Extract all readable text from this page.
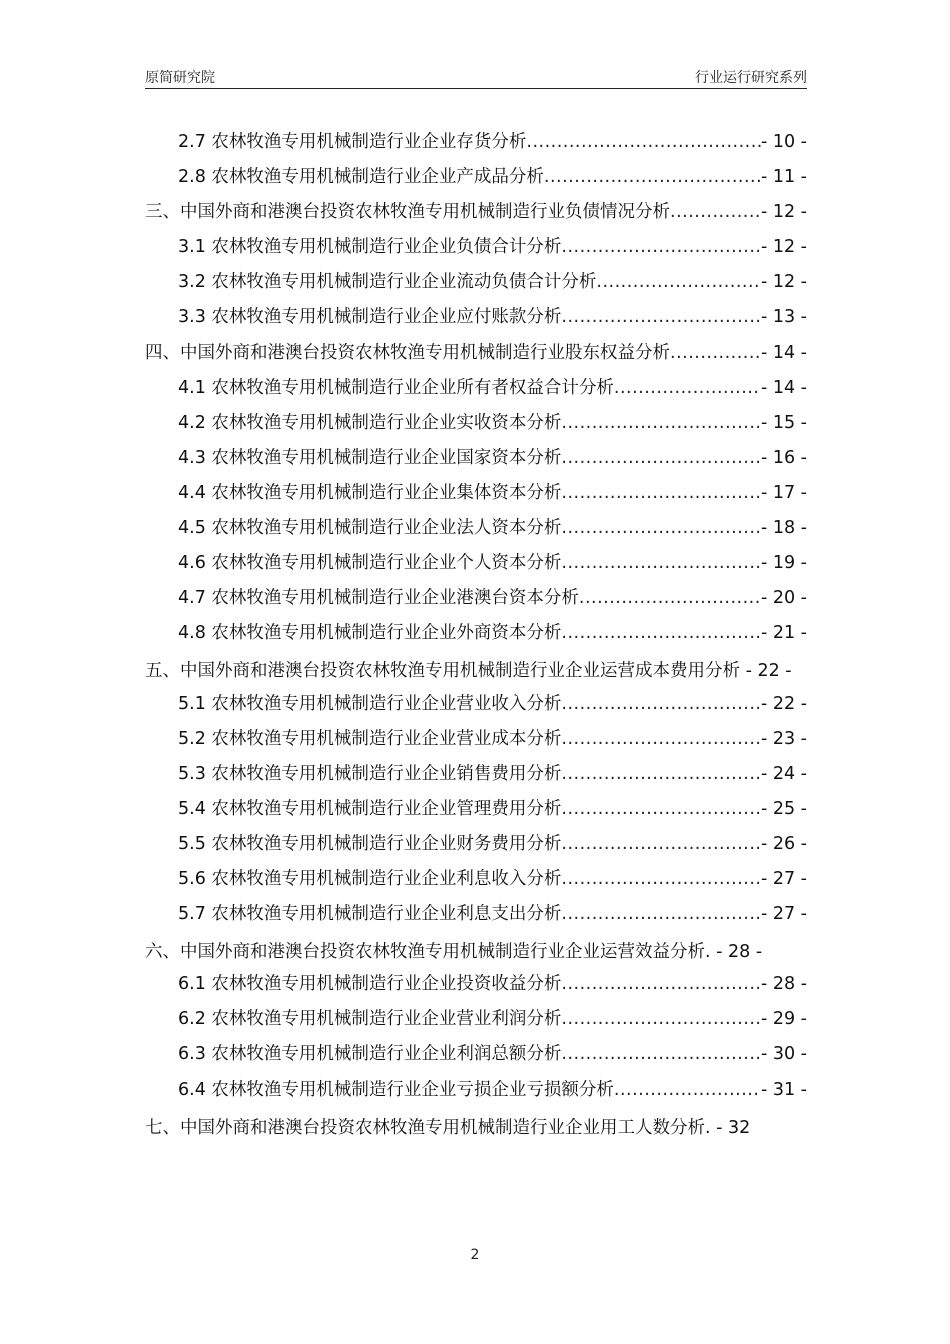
原简研究院	行业运行研究系列
2.7 农林牧渔专用机械制造行业企业存货分析 .....	- 10 -
2.8 农林牧渔专用机械制造行业企业产成品分析 .....	- 11 -
三、中国外商和港澳台投资农林牧渔专用机械制造行业负债情况分析 .....	- 12 -
3.1 农林牧渔专用机械制造行业企业负债合计分析 .....	- 12 -
3.2 农林牧渔专用机械制造行业企业流动负债合计分析 .....	- 12 -
3.3 农林牧渔专用机械制造行业企业应付账款分析 .....	- 13 -
四、中国外商和港澳台投资农林牧渔专用机械制造行业股东权益分析 .....	- 14 -
4.1 农林牧渔专用机械制造行业企业所有者权益合计分析 .....	- 14 -
4.2 农林牧渔专用机械制造行业企业实收资本分析 .....	- 15 -
4.3 农林牧渔专用机械制造行业企业国家资本分析 .....	- 16 -
4.4 农林牧渔专用机械制造行业企业集体资本分析 .....	- 17 -
4.5 农林牧渔专用机械制造行业企业法人资本分析 .....	- 18 -
4.6 农林牧渔专用机械制造行业企业个人资本分析 .....	- 19 -
4.7 农林牧渔专用机械制造行业企业港澳台资本分析 .....	- 20 -
4.8 农林牧渔专用机械制造行业企业外商资本分析 .....	- 21 -
五、中国外商和港澳台投资农林牧渔专用机械制造行业企业运营成本费用分析 - 22 -
5.1 农林牧渔专用机械制造行业企业营业收入分析 .....	- 22 -
5.2 农林牧渔专用机械制造行业企业营业成本分析 .....	- 23 -
5.3 农林牧渔专用机械制造行业企业销售费用分析 .....	- 24 -
5.4 农林牧渔专用机械制造行业企业管理费用分析 .....	- 25 -
5.5 农林牧渔专用机械制造行业企业财务费用分析 .....	- 26 -
5.6 农林牧渔专用机械制造行业企业利息收入分析 .....	- 27 -
5.7 农林牧渔专用机械制造行业企业利息支出分析 .....	- 27 -
六、中国外商和港澳台投资农林牧渔专用机械制造行业企业运营效益分析. - 28 -
6.1 农林牧渔专用机械制造行业企业投资收益分析 .....	- 28 -
6.2 农林牧渔专用机械制造行业企业营业利润分析 .....	- 29 -
6.3 农林牧渔专用机械制造行业企业利润总额分析 .....	- 30 -
6.4 农林牧渔专用机械制造行业企业亏损企业亏损额分析 .....	- 31 -
七、中国外商和港澳台投资农林牧渔专用机械制造行业企业用工人数分析. - 32
2
